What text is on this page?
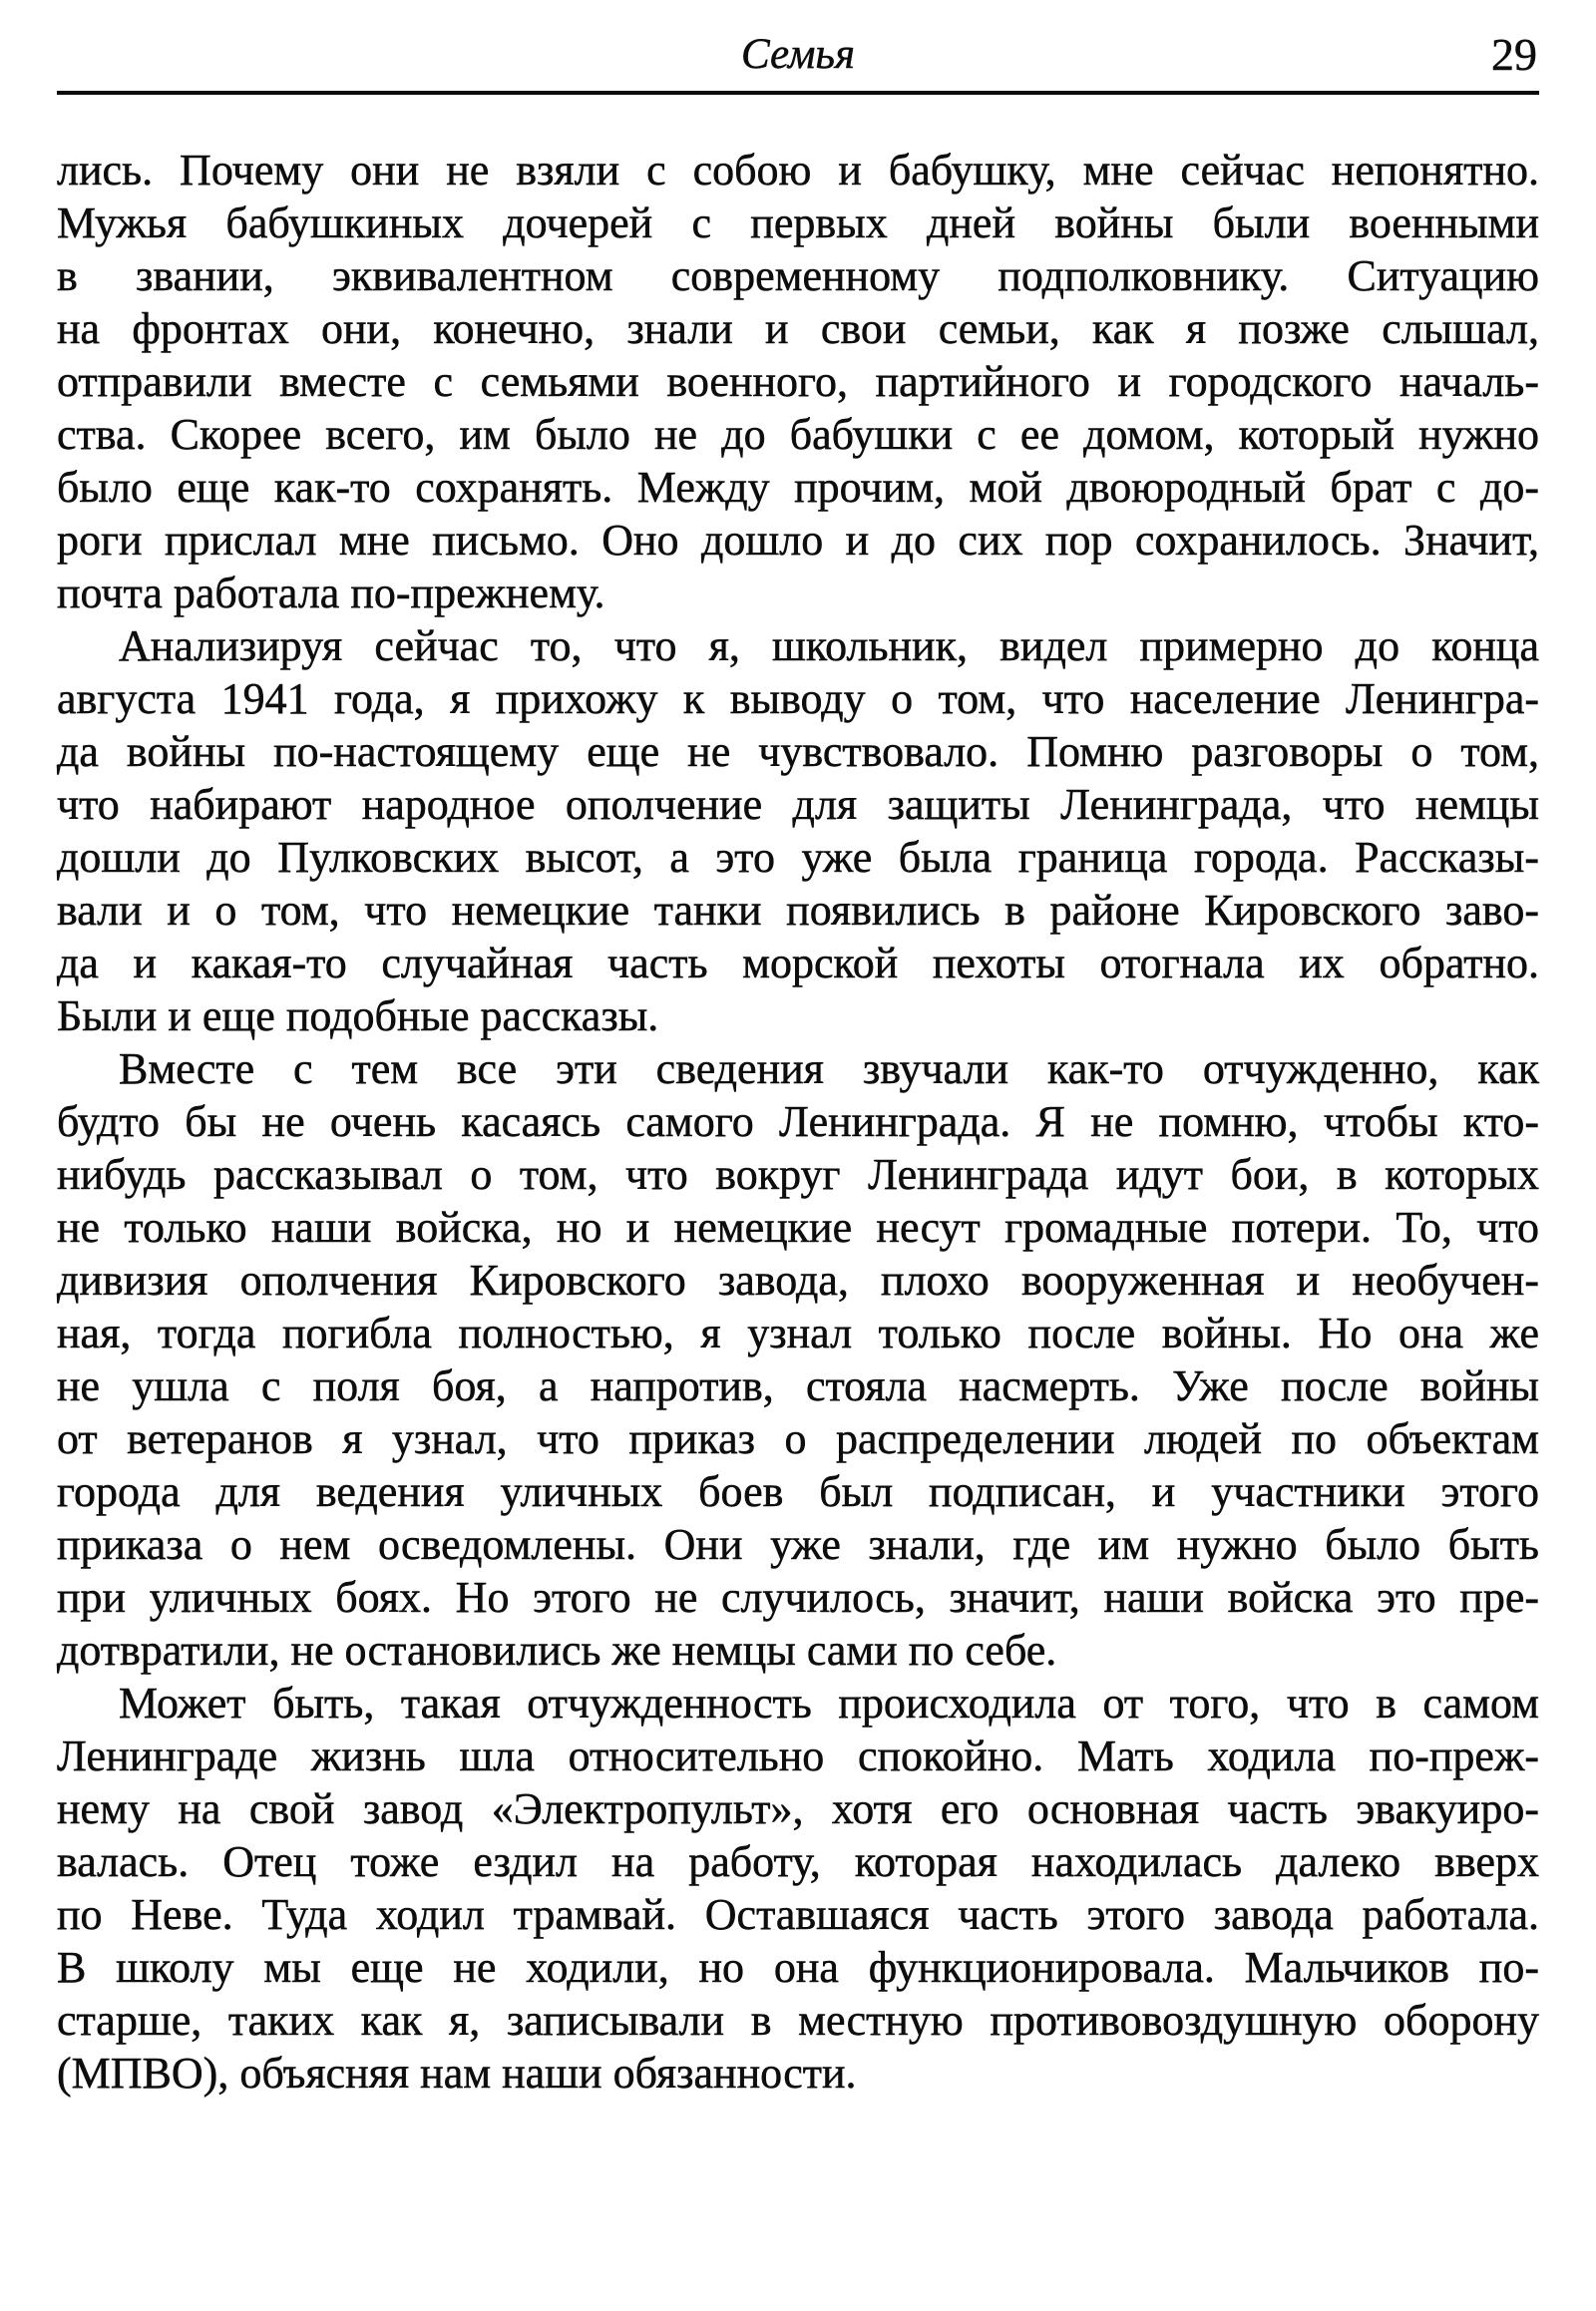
Семья	29
лись. Почему они не взяли с собою и бабушку, мне сейчас непонятно.
Мужья бабушкиных дочерей с первых дней войны были военными
в звании, эквивалентном современному подполковнику. Ситуацию
на фронтах они, конечно, знали и свои семьи, как я позже слышал,
отправили вместе с семьями военного, партийного и городского началь-
ства. Скорее всего, им было не до бабушки с ее домом, который нужно
было еще как-то сохранять. Между прочим, мой двоюродный брат с до-
роги прислал мне письмо. Оно дошло и до сих пор сохранилось. Значит,
почта работала по-прежнему.
Анализируя сейчас то, что я, школьник, видел примерно до конца
августа 1941 года, я прихожу к выводу о том, что население Ленингра-
да войны по-настоящему еще не чувствовало. Помню разговоры о том,
что набирают народное ополчение для защиты Ленинграда, что немцы
дошли до Пулковских высот, а это уже была граница города. Рассказы-
вали и о том, что немецкие танки появились в районе Кировского заво-
да и какая-то случайная часть морской пехоты отогнала их обратно.
Были и еще подобные рассказы.
Вместе с тем все эти сведения звучали как-то отчужденно, как
будто бы не очень касаясь самого Ленинграда. Я не помню, чтобы кто-
нибудь рассказывал о том, что вокруг Ленинграда идут бои, в которых
не только наши войска, но и немецкие несут громадные потери. То, что
дивизия ополчения Кировского завода, плохо вооруженная и необучен-
ная, тогда погибла полностью, я узнал только после войны. Но она же
не ушла с поля боя, а напротив, стояла насмерть. Уже после войны
от ветеранов я узнал, что приказ о распределении людей по объектам
города для ведения уличных боев был подписан, и участники этого
приказа о нем осведомлены. Они уже знали, где им нужно было быть
при уличных боях. Но этого не случилось, значит, наши войска это пре-
дотвратили, не остановились же немцы сами по себе.
Может быть, такая отчужденность происходила от того, что в самом
Ленинграде жизнь шла относительно спокойно. Мать ходила по-преж-
нему на свой завод «Электропульт», хотя его основная часть эвакуиро-
валась. Отец тоже ездил на работу, которая находилась далеко вверх
по Неве. Туда ходил трамвай. Оставшаяся часть этого завода работала.
В школу мы еще не ходили, но она функционировала. Мальчиков по-
старше, таких как я, записывали в местную противовоздушную оборону
(МПВО), объясняя нам наши обязанности.
